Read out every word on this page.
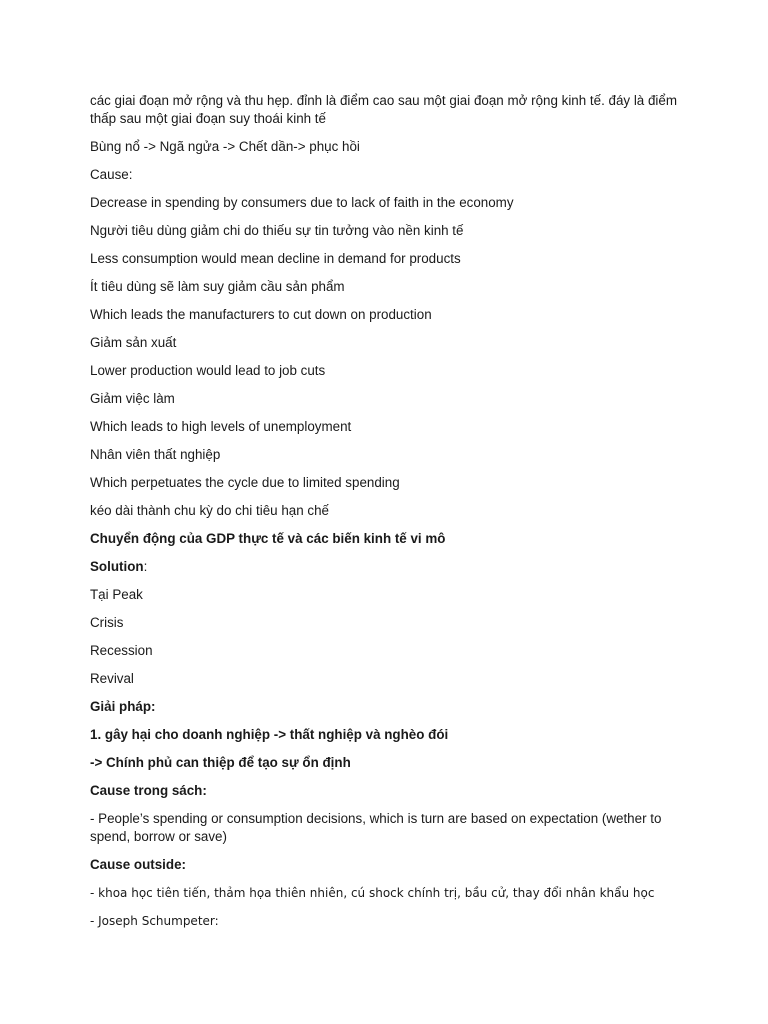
các giai đoạn mở rộng và thu hẹp. đỉnh là điểm cao sau một giai đoạn mở rộng kinh tế. đáy là điểm thấp sau một giai đoạn suy thoái kinh tế

Bùng nổ -> Ngã ngửa -> Chết dần-> phục hồi

Cause:

Decrease in spending by consumers due to lack of faith in the economy

Người tiêu dùng giảm chi do thiếu sự tin tưởng vào nền kinh tế

Less consumption would mean decline in demand for products

Ít tiêu dùng sẽ làm suy giảm cầu sản phẩm

Which leads the manufacturers to cut down on production

Giảm sản xuất

Lower production would lead to job cuts

Giảm việc làm

Which leads to high levels of unemployment

Nhân viên thất nghiệp

Which perpetuates the cycle due to limited spending

kéo dài thành chu kỳ do chi tiêu hạn chế

Chuyển động của GDP thực tế và các biến kinh tế vi mô

Solution:

Tại Peak

Crisis

Recession

Revival

Giải pháp:

1. gây hại cho doanh nghiệp -> thất nghiệp và nghèo đói

-> Chính phủ can thiệp để tạo sự ổn định

Cause trong sách:

- People’s spending or consumption decisions, which is turn are based on expectation (wether to spend, borrow or save)

Cause outside:

- khoa học tiên tiến, thảm họa thiên nhiên, cú shock chính trị, bầu cử, thay đổi nhân khẩu học

- Joseph Schumpeter:
